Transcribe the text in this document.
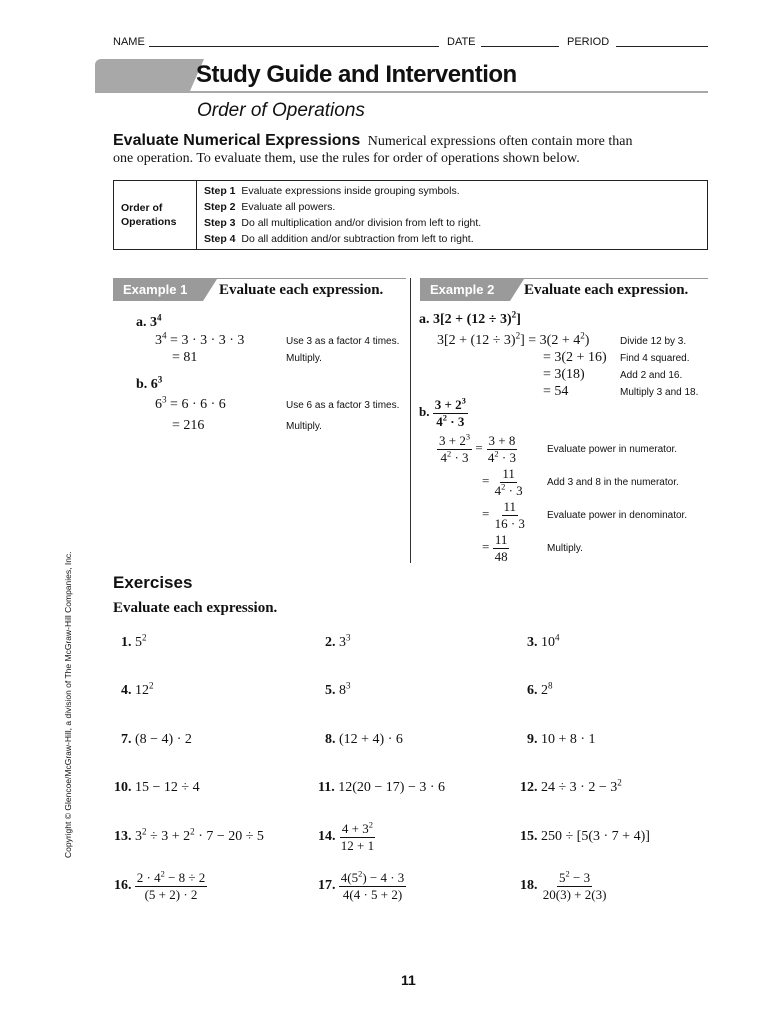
NAME	DATE	PERIOD
Study Guide and Intervention
Order of Operations
Evaluate Numerical Expressions Numerical expressions often contain more than
one operation. To evaluate them, use the rules for order of operations shown below.
Order of
Operations
Step 1 Evaluate expressions inside grouping symbols.
Step 2 Evaluate all powers.
Step 3 Do all multiplication and/or division from left to right.
Step 4 Do all addition and/or subtraction from left to right.
Example 1	Evaluate each expression.	Example 2	Evaluate each expression.
a. $3^4$
$3^4 = 3 \cdot 3 \cdot 3 \cdot 3$	Use 3 as a factor 4 times.
= 81	Multiply.
b. $6^3$
$6^3 = 6 \cdot 6 \cdot 6$	Use 6 as a factor 3 times.
= 216	Multiply.
a. $3[2 + (12 \div 3)^2]$
$3[2 + (12 \div 3)^2] = 3(2 + 4^2)$	Divide 12 by 3.
= 3(2 + 16) Find 4 squared.
= 3(18)	Add 2 and 16.
= 54	Multiply 3 and 18.
b. $\frac{3 + 2^3}{4^2 \cdot 3}$
$\frac{3 + 2^3}{4^2 \cdot 3} = \frac{3 + 8}{4^2 \cdot 3}$	Evaluate power in numerator.
= $\frac{11}{4^2 \cdot 3}$ Add 3 and 8 in the numerator.
= $\frac{11}{16 \cdot 3}$ Evaluate power in denominator.
= $\frac{11}{48}$	Multiply.
Copyright © Glencoe/McGraw-Hill, a division of The McGraw-Hill Companies, Inc. Exercises
Evaluate each expression.
1. $5^2$	2. $3^3$	3. $10^4$
4. $12^2$	5. $8^3$	6. $2^8$
7. (8 − 4) · 2	8. (12 + 4) · 6	9. 10 + 8 · 1
10. 15 − 12 ÷ 4	11. 12(20 − 17) − 3 · 6	12. $24 \div 3 \cdot 2 - 3^2$
13. $3^2 \div 3 + 2^2 \cdot 7 - 20 \div 5$	14. $\frac{4 + 3^2}{12 + 1}$	15. 250 ÷ [5(3 · 7 + 4)]
16. $\frac{2 \cdot 4^2 - 8 \div 2}{(5 + 2) \cdot 2}$	17. $\frac{4(5^2) - 4 \cdot 3}{4(4 \cdot 5 + 2)}$	18. $\frac{5^2 - 3}{20(3) + 2(3)}$
11
